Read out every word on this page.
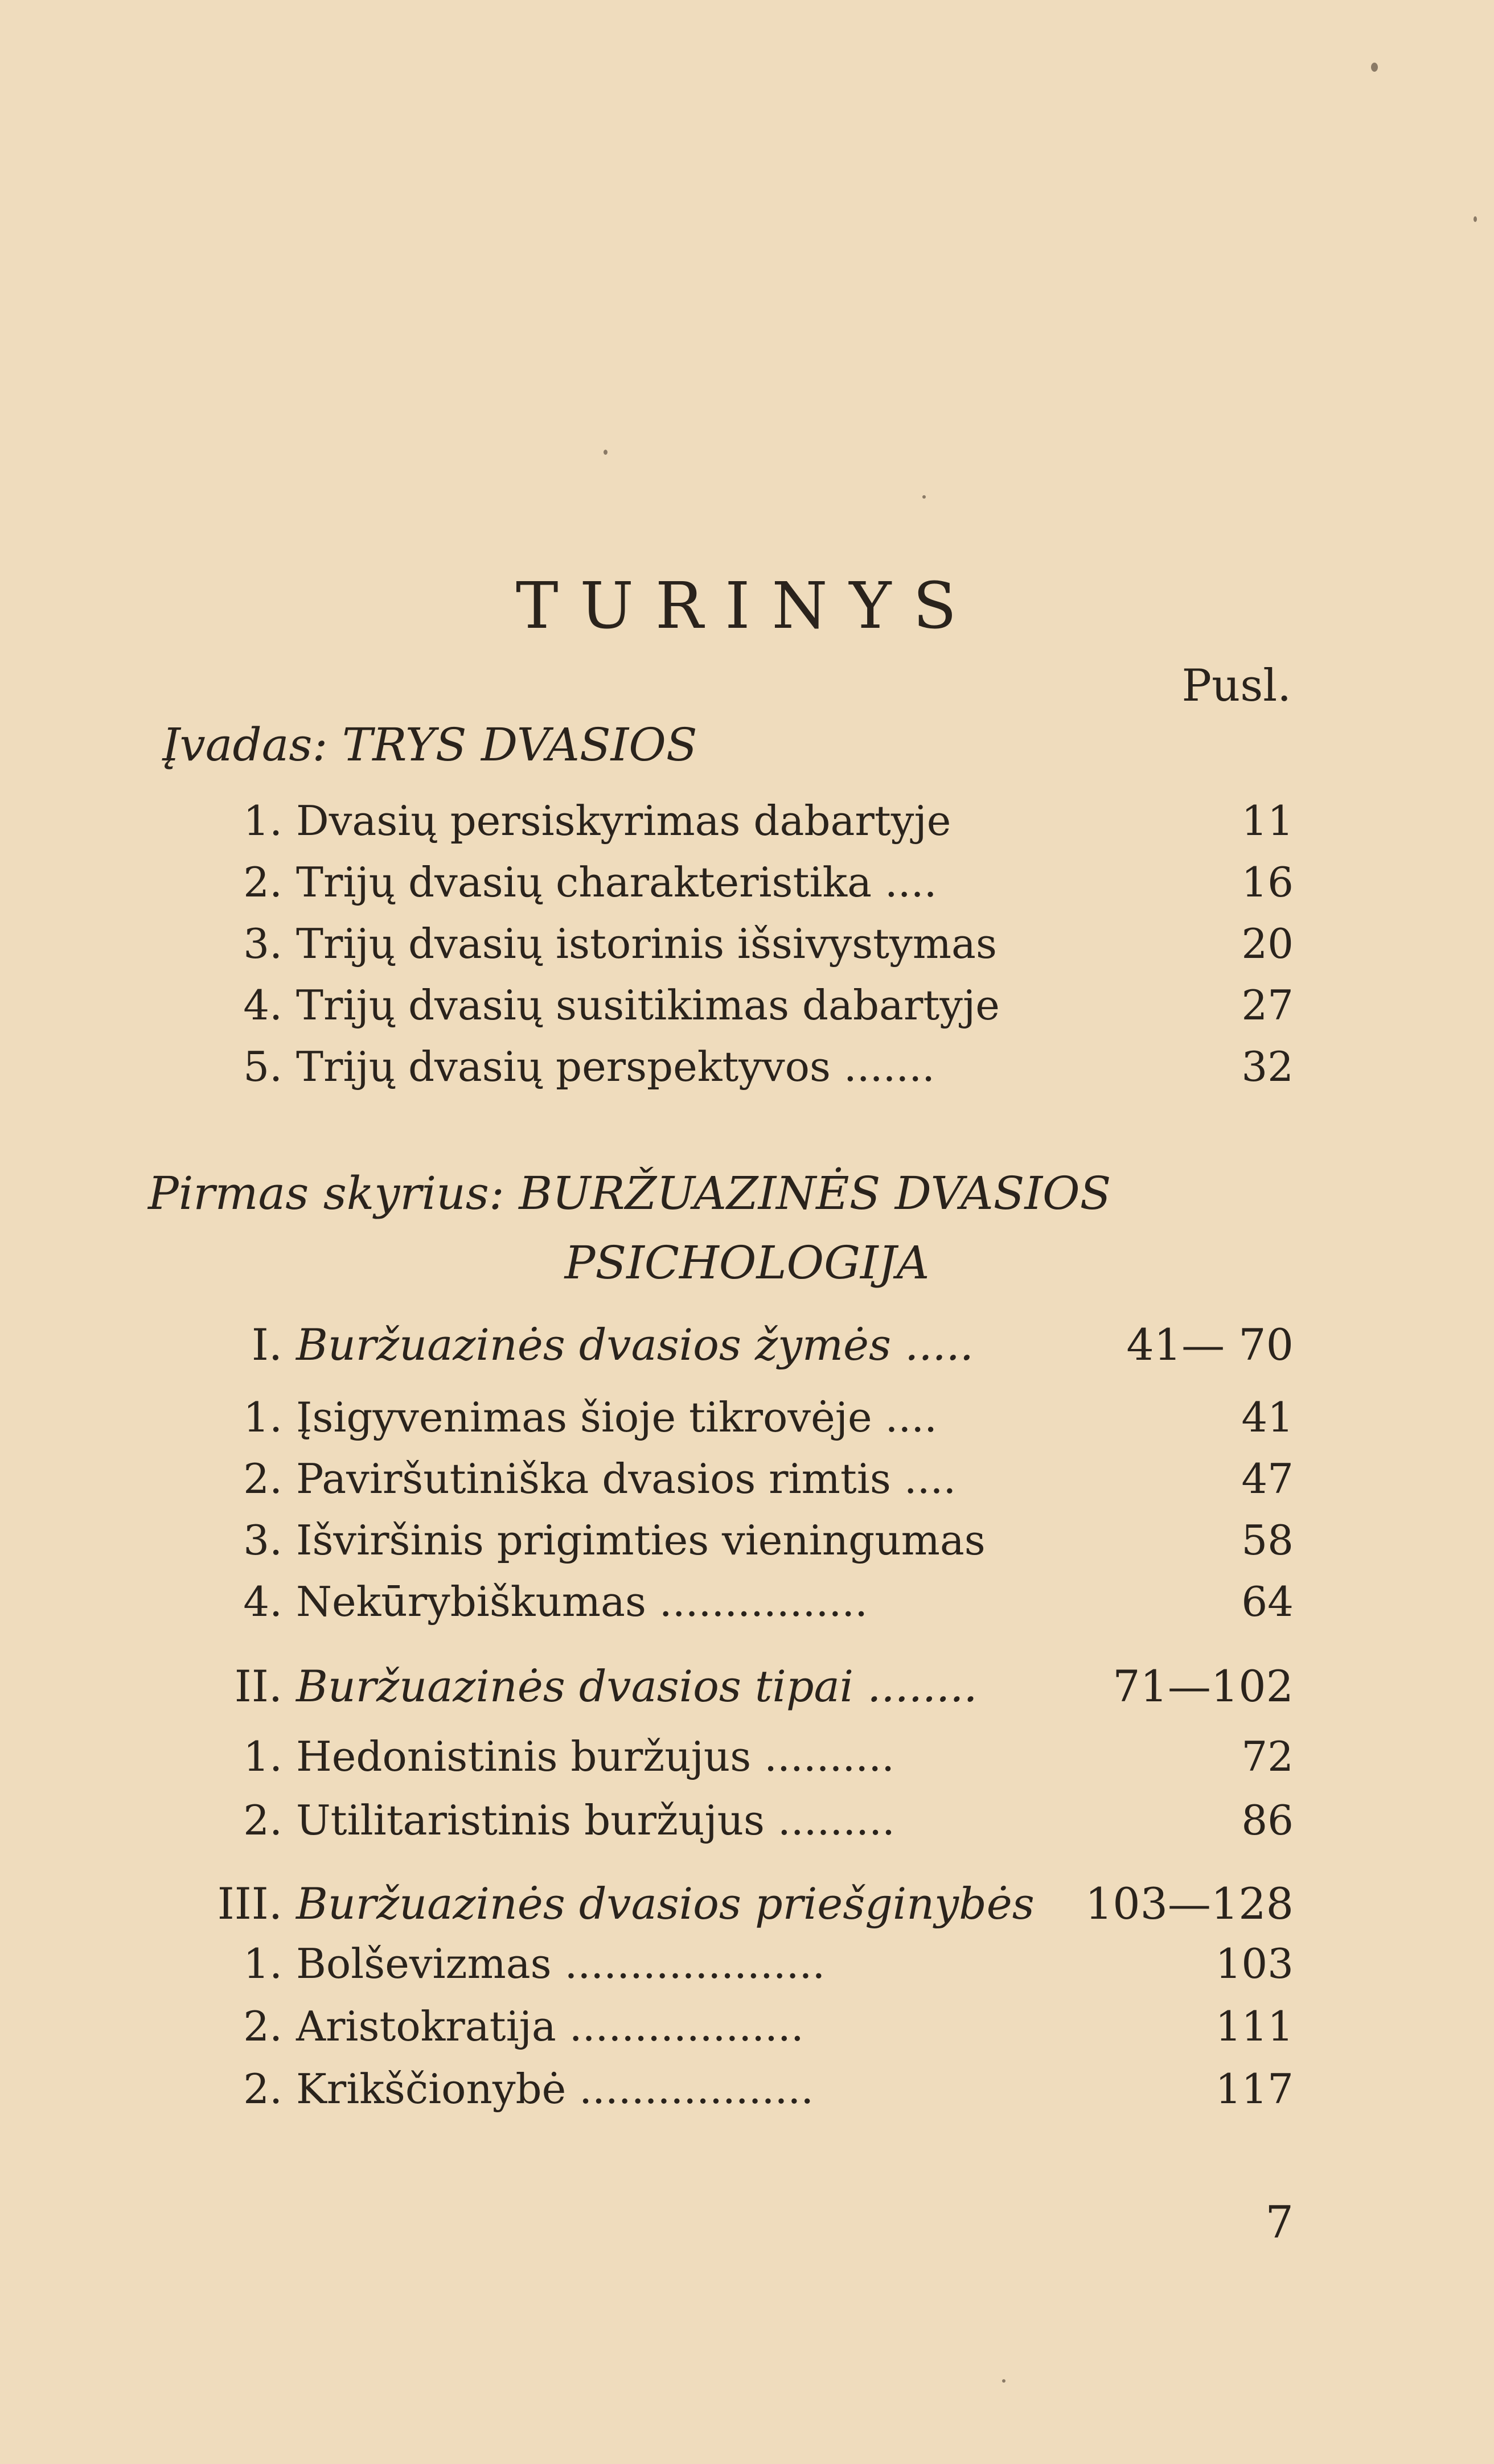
TURINYS
Pusl.
Įvadas: TRYS DVASIOS
1. Dvasių persiskyrimas dabartyje	11
2. Trijų dvasių charakteristika ....	16
3. Trijų dvasių istorinis išsivystymas	20
4. Trijų dvasių susitikimas dabartyje	27
5. Trijų dvasių perspektyvos .......	32
Pirmas skyrius: BURŽUAZINĖS DVASIOS
PSICHOLOGIJA
I. Buržuazinės dvasios žymės .....	41— 70
1. Įsigyvenimas šioje tikrovėje ....	41
2. Paviršutiniška dvasios rimtis ....	47
3. Išviršinis prigimties vieningumas	58
4. Nekūrybiškumas ................	64
II. Buržuazinės dvasios tipai ........	71—102
1. Hedonistinis buržujus ..........	72
2. Utilitaristinis buržujus .........	86
III. Buržuazinės dvasios priešginybės 103—128
1. Bolševizmas ....................	103
2. Aristokratija ..................	111
2. Krikščionybė ..................	117
7
